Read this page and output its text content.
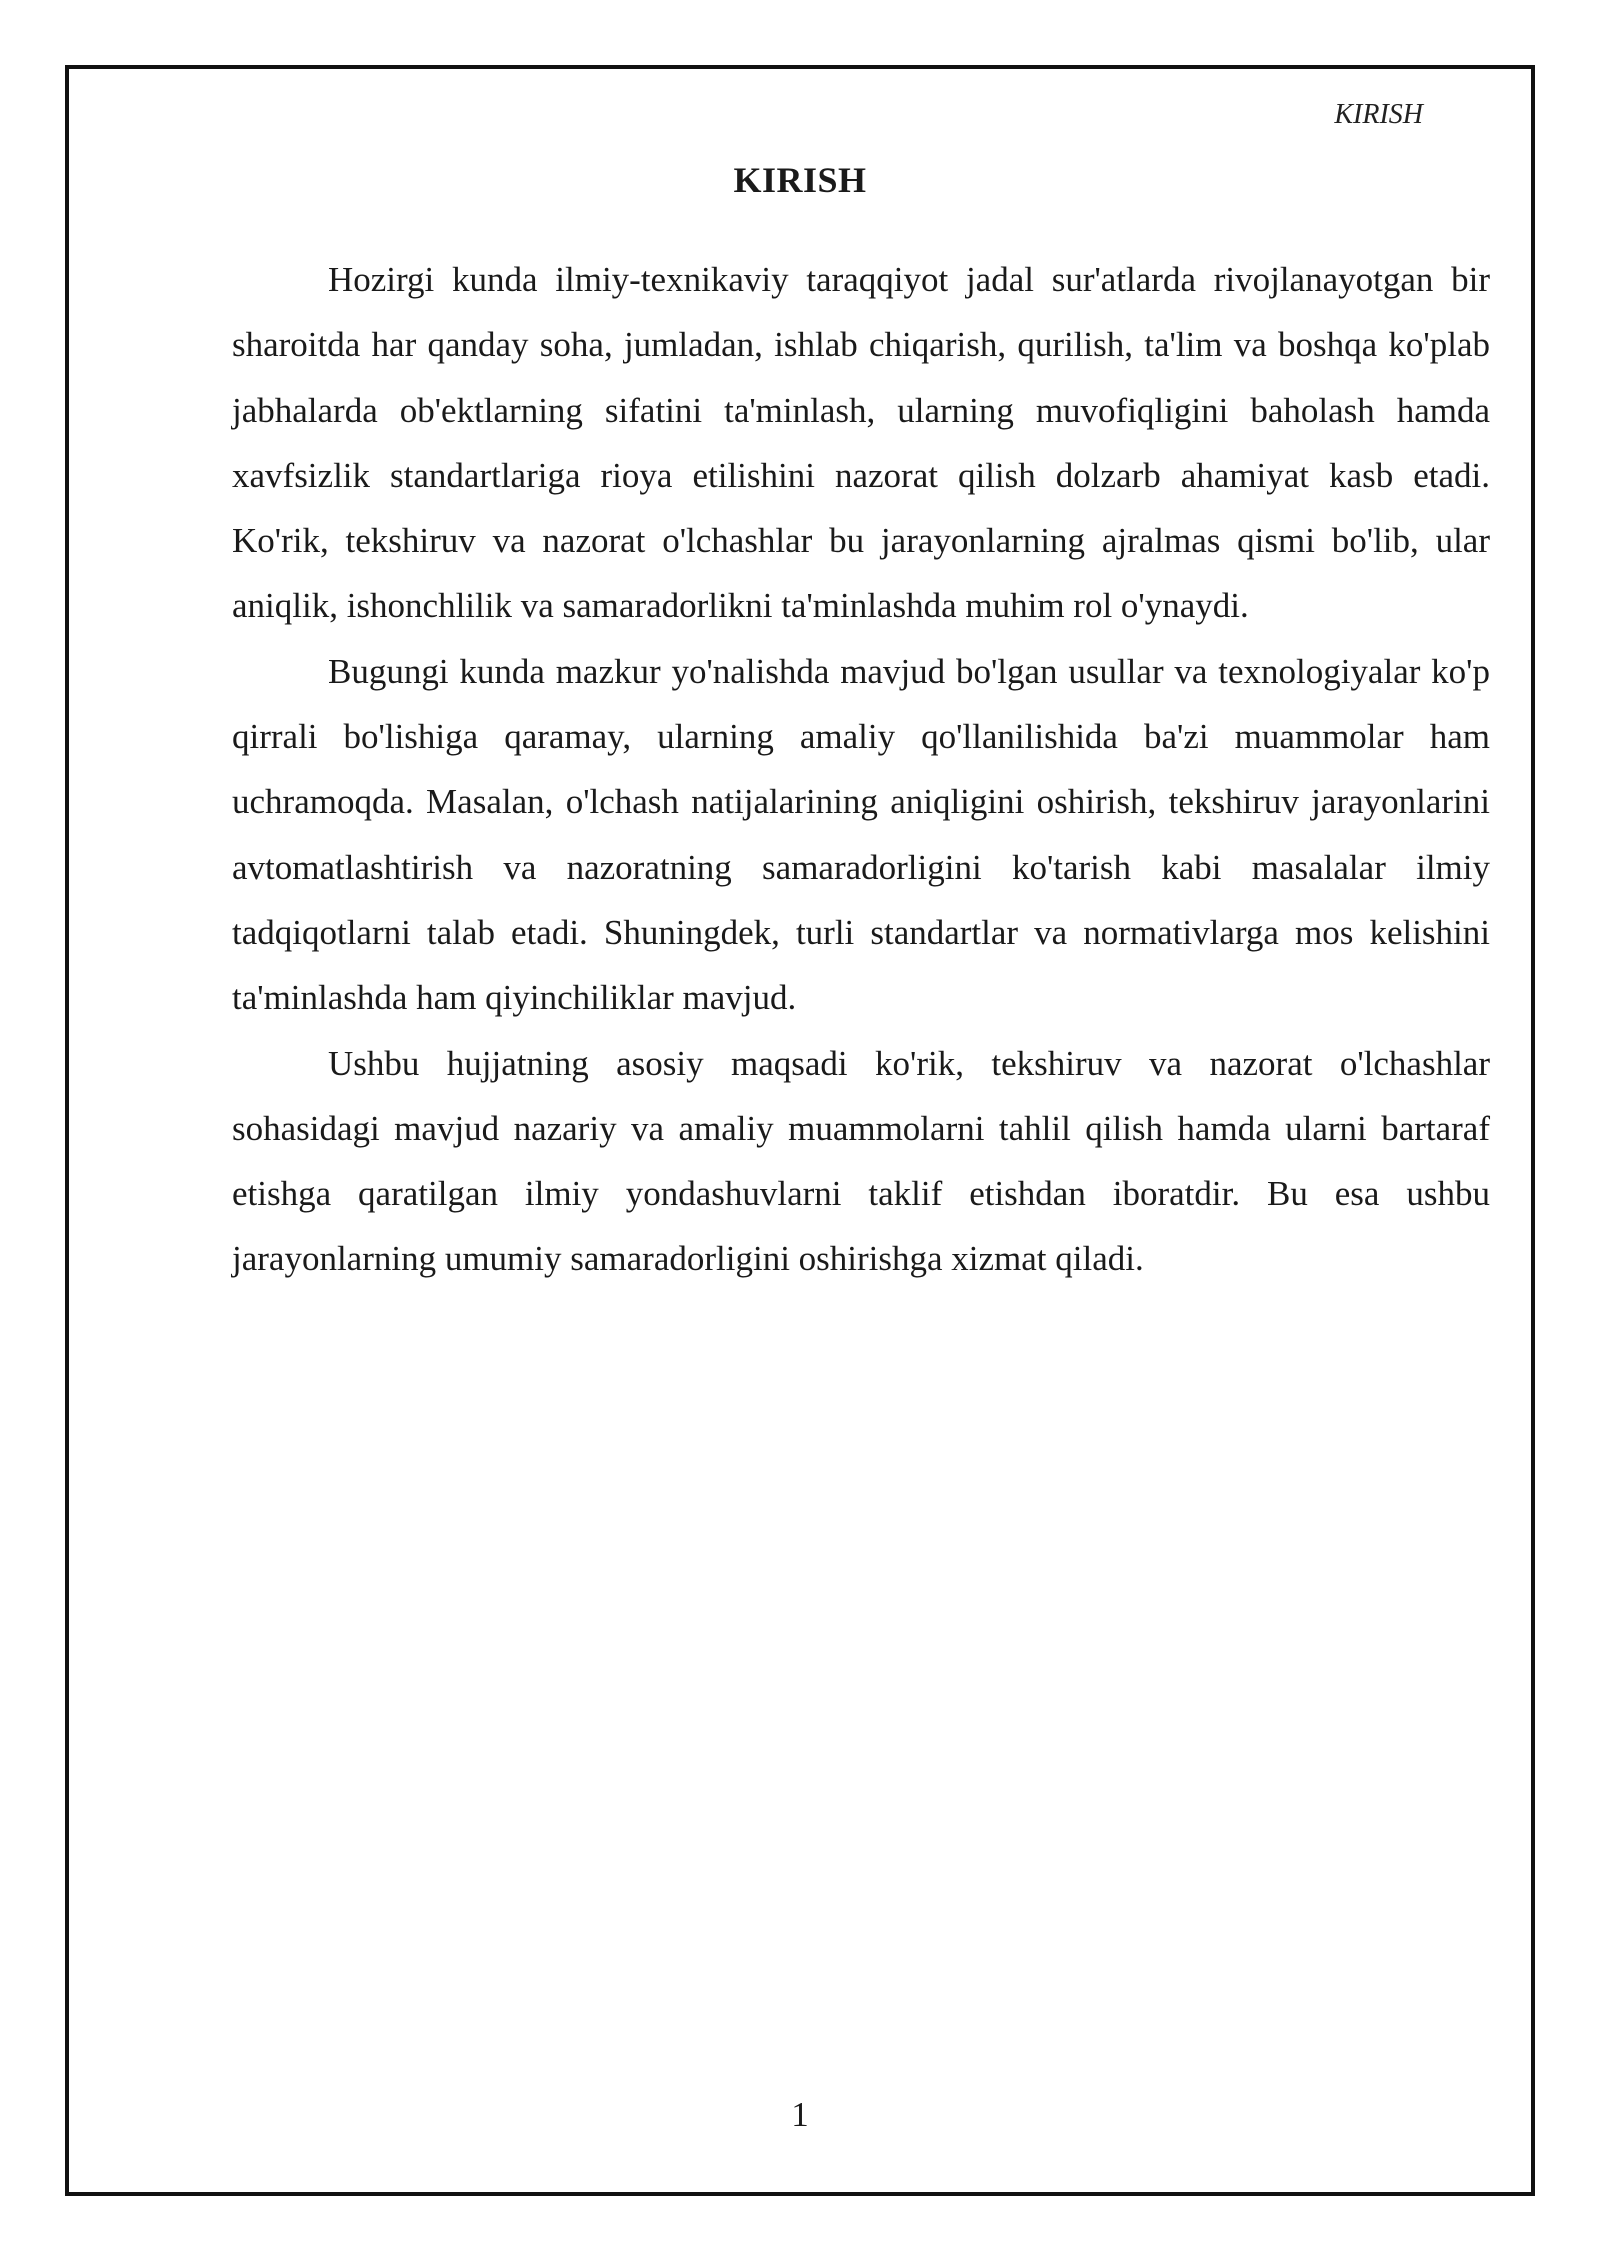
KIRISH
KIRISH

Hozirgi kunda ilmiy-texnikaviy taraqqiyot jadal sur'atlarda rivojlanayotgan bir sharoitda har qanday soha, jumladan, ishlab chiqarish, qurilish, ta'lim va boshqa ko'plab jabhalarda ob'ektlarning sifatini ta'minlash, ularning muvofiqligini baholash hamda xavfsizlik standartlariga rioya etilishini nazorat qilish dolzarb ahamiyat kasb etadi. Ko'rik, tekshiruv va nazorat o'lchashlar bu jarayonlarning ajralmas qismi bo'lib, ular aniqlik, ishonchlilik va samaradorlikni ta'minlashda muhim rol o'ynaydi.

Bugungi kunda mazkur yo'nalishda mavjud bo'lgan usullar va texnologiyalar ko'p qirrali bo'lishiga qaramay, ularning amaliy qo'llanilishida ba'zi muammolar ham uchramoqda. Masalan, o'lchash natijalarining aniqligini oshirish, tekshiruv jarayonlarini avtomatlashtirish va nazoratning samaradorligini ko'tarish kabi masalalar ilmiy tadqiqotlarni talab etadi. Shuningdek, turli standartlar va normativlarga mos kelishini ta'minlashda ham qiyinchiliklar mavjud.

Ushbu hujjatning asosiy maqsadi ko'rik, tekshiruv va nazorat o'lchashlar sohasidagi mavjud nazariy va amaliy muammolarni tahlil qilish hamda ularni bartaraf etishga qaratilgan ilmiy yondashuvlarni taklif etishdan iboratdir. Bu esa ushbu jarayonlarning umumiy samaradorligini oshirishga xizmat qiladi.

1
